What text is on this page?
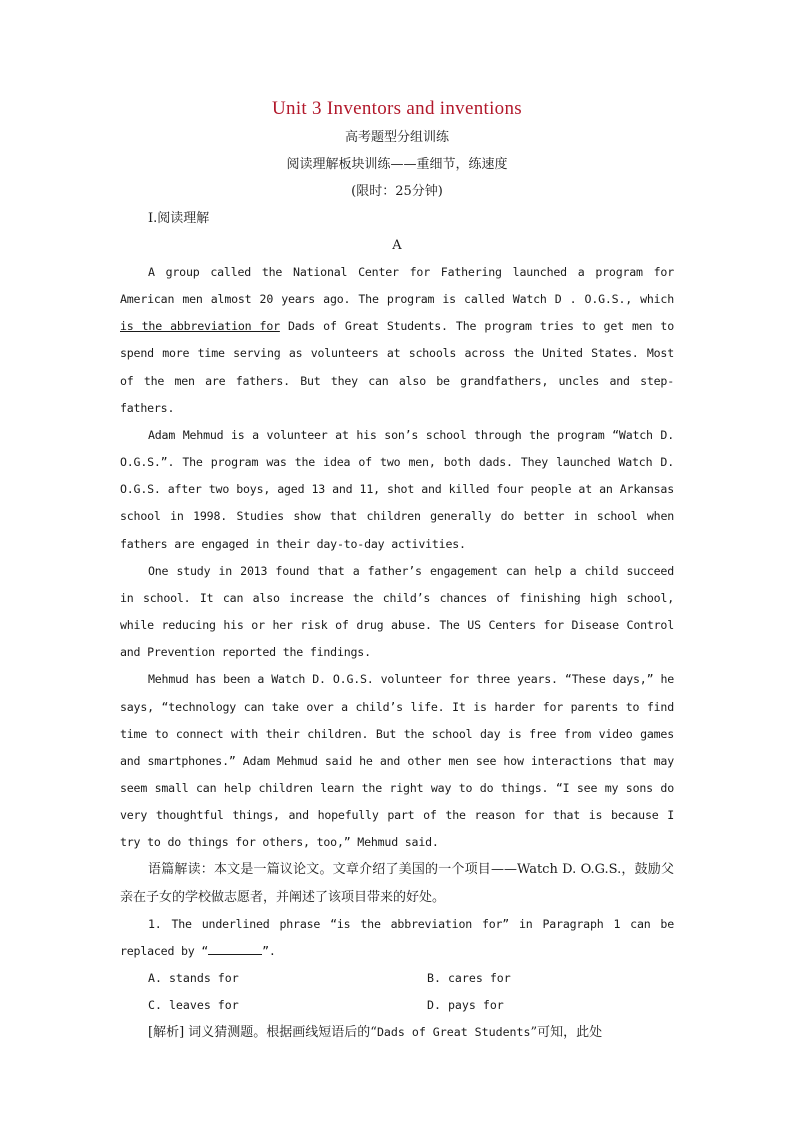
Unit 3 Inventors and inventions
高考题型分组训练
阅读理解板块训练——重细节，练速度
(限时：25分钟)
Ⅰ.阅读理解
A

A group called the National Center for Fathering launched a program for American men almost 20 years ago. The program is called Watch D . O.G.S., which is the abbreviation for Dads of Great Students. The program tries to get men to spend more time serving as volunteers at schools across the United States. Most of the men are fathers. But they can also be grandfathers, uncles and step-fathers.

Adam Mehmud is a volunteer at his son’s school through the program “Watch D. O.G.S.”. The program was the idea of two men, both dads. They launched Watch D. O.G.S. after two boys, aged 13 and 11, shot and killed four people at an Arkansas school in 1998. Studies show that children generally do better in school when fathers are engaged in their day-to-day activities.

One study in 2013 found that a father’s engagement can help a child succeed in school. It can also increase the child’s chances of finishing high school, while reducing his or her risk of drug abuse. The US Centers for Disease Control and Prevention reported the findings.

Mehmud has been a Watch D. O.G.S. volunteer for three years. “These days,” he says, “technology can take over a child’s life. It is harder for parents to find time to connect with their children. But the school day is free from video games and smartphones.” Adam Mehmud said he and other men see how interactions that may seem small can help children learn the right way to do things. “I see my sons do very thoughtful things, and hopefully part of the reason for that is because I try to do things for others, too,” Mehmud said.

语篇解读：本文是一篇议论文。文章介绍了美国的一个项目——Watch D. O.G.S.，鼓励父亲在子女的学校做志愿者，并阐述了该项目带来的好处。

1. The underlined phrase “is the abbreviation for” in Paragraph 1 can be replaced by “	”.

A. stands for	B. cares for
C. leaves for	D. pays for
[解析] 词义猜测题。根据画线短语后的“Dads of Great Students”可知，此处
